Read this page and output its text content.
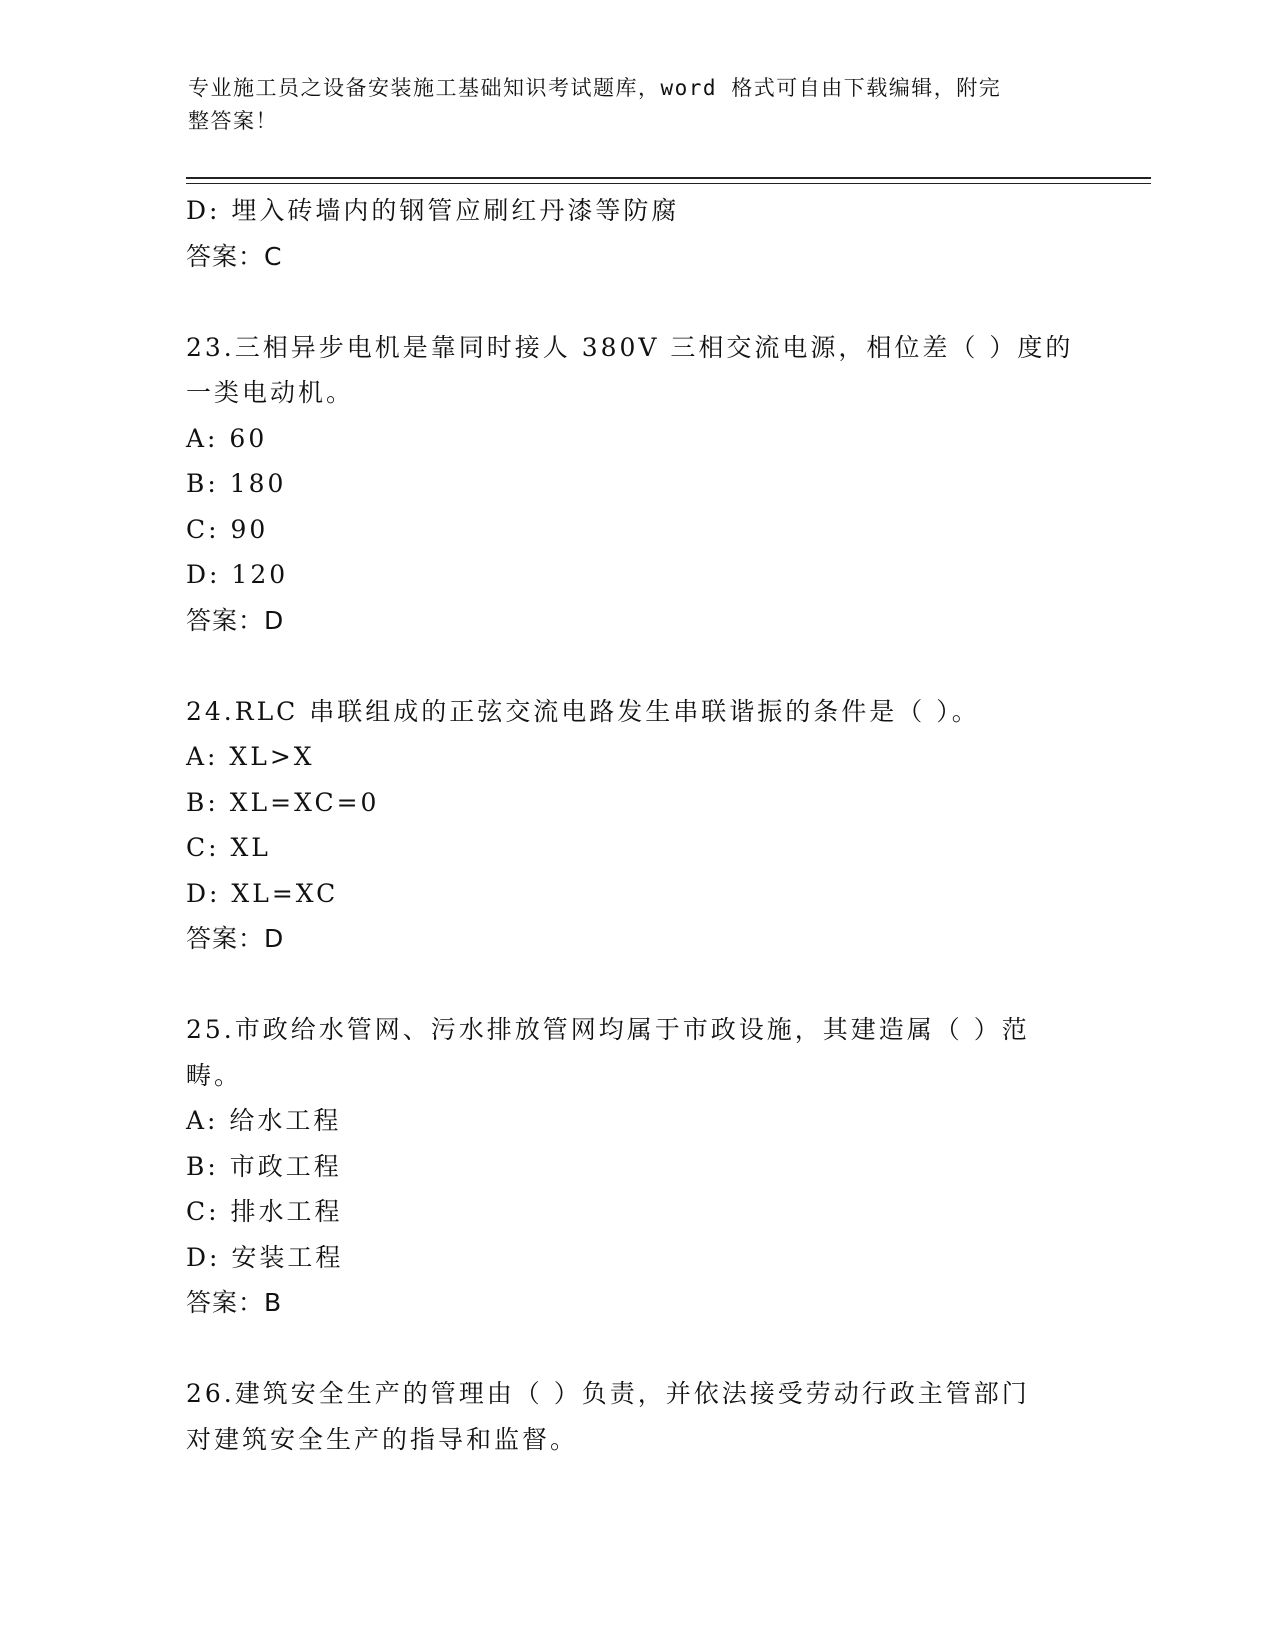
专业施工员之设备安装施工基础知识考试题库，word 格式可自由下载编辑，附完
整答案！
D: 埋入砖墙内的钢管应刷红丹漆等防腐
答案：C
23.三相异步电机是靠同时接人 380V 三相交流电源，相位差（ ）度的
一类电动机。
A: 60
B: 180
C: 90
D: 120
答案：D
24.RLC 串联组成的正弦交流电路发生串联谐振的条件是（ ）。
A: XL>X
B: XL=XC=0
C: XL
D: XL=XC
答案：D
25.市政给水管网、污水排放管网均属于市政设施，其建造属（ ）范
畴。
A: 给水工程
B: 市政工程
C: 排水工程
D: 安装工程
答案：B
26.建筑安全生产的管理由（ ）负责，并依法接受劳动行政主管部门
对建筑安全生产的指导和监督。
